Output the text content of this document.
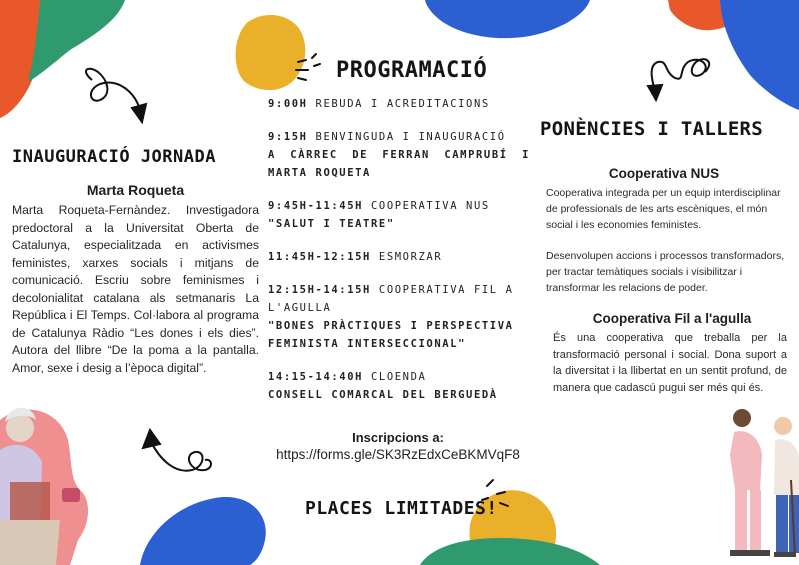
INAUGURACIÓ JORNADA
Marta Roqueta
Marta Roqueta-Fernàndez. Investigadora predoctoral a la Universitat Oberta de Catalunya, especialitzada en activismes feministes, xarxes socials i mitjans de comunicació. Escriu sobre feminismes i decolonialitat catalana als setmanaris La República i El Temps. Col·labora al programa de Catalunya Ràdio “Les dones i els dies”. Autora del llibre “De la poma a la pantalla. Amor, sexe i desig a l’època digital”.
PROGRAMACIÓ
9:00H REBUDA I ACREDITACIONS
9:15H BENVINGUDA I INAUGURACIÓ
A CÀRREC DE FERRAN CAMPRUBÍ I MARTA ROQUETA
9:45H-11:45H COOPERATIVA NUS
"SALUT I TEATRE"
11:45H-12:15H ESMORZAR
12:15H-14:15H COOPERATIVA FIL A L'AGULLA
"BONES PRÀCTIQUES I PERSPECTIVA FEMINISTA INTERSECCIONAL"
14:15-14:40H CLOENDA
CONSELL COMARCAL DEL BERGUEDÀ
Inscripcions a:
https://forms.gle/SK3RzEdxCeBKMVqF8
PLACES LIMITADES!
PONÈNCIES I TALLERS
Cooperativa NUS
Cooperativa integrada per un equip interdisciplinar de professionals de les arts escèniques, el món social i les economies feministes.
Desenvolupen accions i processos transformadors, per tractar temàtiques socials i visibilitzar i transformar les relacions de poder.
Cooperativa Fil a l'agulla
És una cooperativa que treballa per la transformació personal i social. Dona suport a la diversitat i la llibertat en un sentit profund, de manera que cadascú pugui ser més qui és.
